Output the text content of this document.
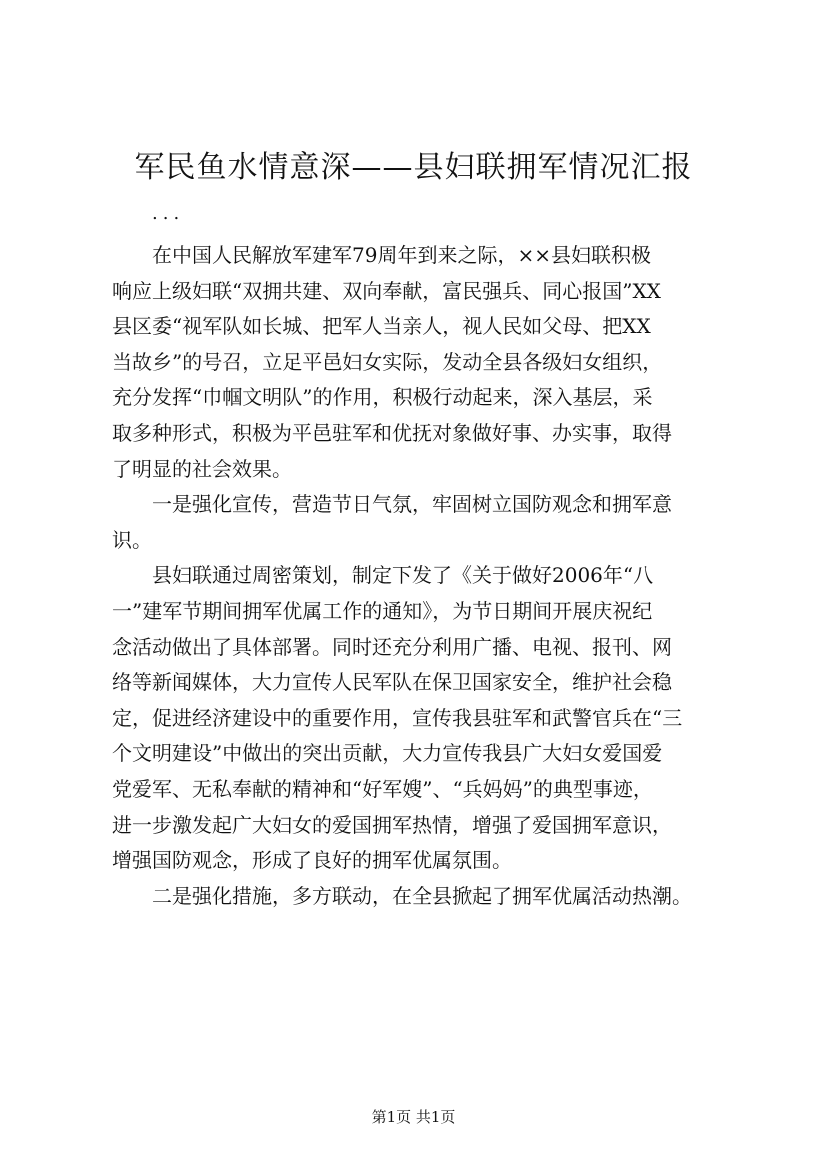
军民鱼水情意深——县妇联拥军情况汇报
...
在中国人民解放军建军79周年到来之际，××县妇联积极
响应上级妇联“双拥共建、双向奉献，富民强兵、同心报国”XX
县区委“视军队如长城、把军人当亲人，视人民如父母、把XX
当故乡”的号召，立足平邑妇女实际，发动全县各级妇女组织，
充分发挥“巾帼文明队”的作用，积极行动起来，深入基层，采
取多种形式，积极为平邑驻军和优抚对象做好事、办实事，取得
了明显的社会效果。
一是强化宣传，营造节日气氛，牢固树立国防观念和拥军意
识。
县妇联通过周密策划，制定下发了《关于做好2006年“八
一”建军节期间拥军优属工作的通知》，为节日期间开展庆祝纪
念活动做出了具体部署。同时还充分利用广播、电视、报刊、网
络等新闻媒体，大力宣传人民军队在保卫国家安全，维护社会稳
定，促进经济建设中的重要作用，宣传我县驻军和武警官兵在“三
个文明建设”中做出的突出贡献，大力宣传我县广大妇女爱国爱
党爱军、无私奉献的精神和“好军嫂”、“兵妈妈”的典型事迹，
进一步激发起广大妇女的爱国拥军热情，增强了爱国拥军意识，
增强国防观念，形成了良好的拥军优属氛围。
二是强化措施，多方联动，在全县掀起了拥军优属活动热潮。
第1页 共1页
